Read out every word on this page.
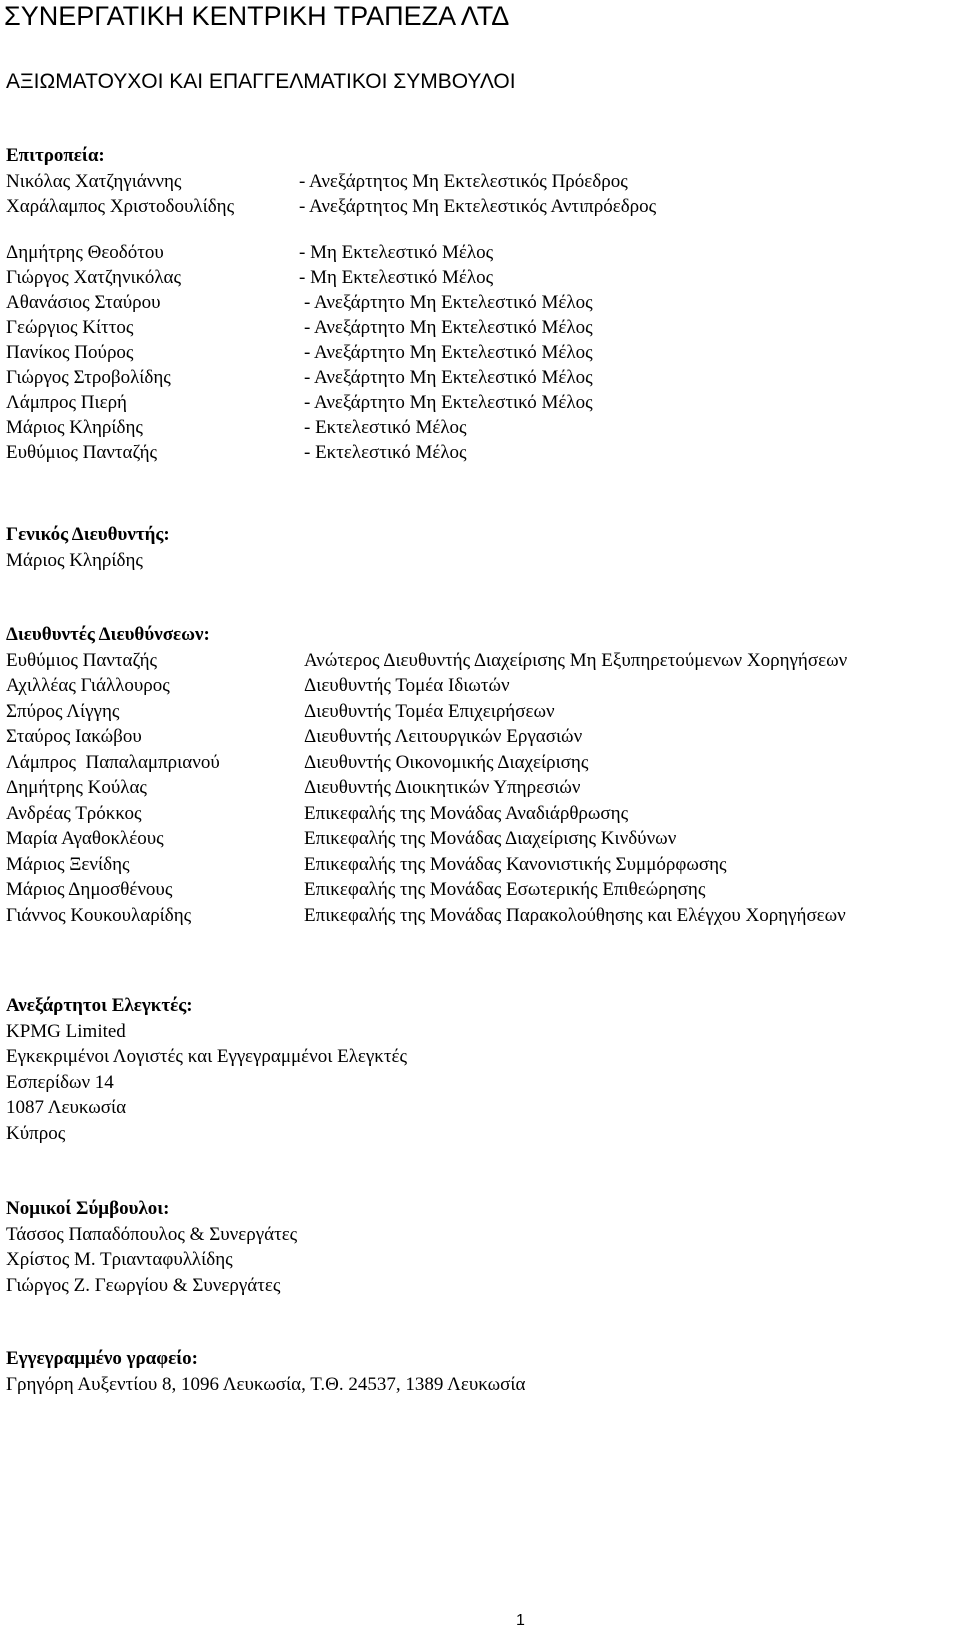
ΣΥΝΕΡΓΑΤΙΚΗ ΚΕΝΤΡΙΚΗ ΤΡΑΠΕΖΑ ΛΤΔ
ΑΞΙΩΜΑΤΟΥΧΟΙ ΚΑΙ ΕΠΑΓΓΕΛΜΑΤΙΚΟΙ ΣΥΜΒΟΥΛΟΙ
Επιτροπεία:
Νικόλας Χατζηγιάννης	- Ανεξάρτητος Μη Εκτελεστικός Πρόεδρος
Χαράλαμπος Χριστοδουλίδης	- Ανεξάρτητος Μη Εκτελεστικός Αντιπρόεδρος
Δημήτρης Θεοδότου	- Μη Εκτελεστικό Μέλος
Γιώργος Χατζηνικόλας	- Μη Εκτελεστικό Μέλος
Αθανάσιος Σταύρου	- Ανεξάρτητο Μη Εκτελεστικό Μέλος
Γεώργιος Κίττος	- Ανεξάρτητο Μη Εκτελεστικό Μέλος
Πανίκος Πούρος	- Ανεξάρτητο Μη Εκτελεστικό Μέλος
Γιώργος Στροβολίδης	- Ανεξάρτητο Μη Εκτελεστικό Μέλος
Λάμπρος Πιερή	- Ανεξάρτητο Μη Εκτελεστικό Μέλος
Μάριος Κληρίδης	- Εκτελεστικό Μέλος
Ευθύμιος Πανταζής	- Εκτελεστικό Μέλος
Γενικός Διευθυντής:
Μάριος Κληρίδης
Διευθυντές Διευθύνσεων:
Ευθύμιος Πανταζής	Ανώτερος Διευθυντής Διαχείρισης Μη Εξυπηρετούμενων Χορηγήσεων
Αχιλλέας Γιάλλουρος	Διευθυντής Τομέα Ιδιωτών
Σπύρος Λίγγης	Διευθυντής Τομέα Επιχειρήσεων
Σταύρος Ιακώβου	Διευθυντής Λειτουργικών Εργασιών
Λάμπρος  Παπαλαμπριανού	Διευθυντής Οικονομικής Διαχείρισης
Δημήτρης Κούλας	Διευθυντής Διοικητικών Υπηρεσιών
Ανδρέας Τρόκκος	Επικεφαλής της Μονάδας Αναδιάρθρωσης
Μαρία Αγαθοκλέους	Επικεφαλής της Μονάδας Διαχείρισης Κινδύνων
Μάριος Ξενίδης	Επικεφαλής της Μονάδας Κανονιστικής Συμμόρφωσης
Μάριος Δημοσθένους	Επικεφαλής της Μονάδας Εσωτερικής Επιθεώρησης
Γιάννος Κουκουλαρίδης	Επικεφαλής της Μονάδας Παρακολούθησης και Ελέγχου Χορηγήσεων
Ανεξάρτητοι Ελεγκτές:
KPMG Limited
Εγκεκριμένοι Λογιστές και Εγγεγραμμένοι Ελεγκτές
Εσπερίδων 14
1087 Λευκωσία
Κύπρος
Νομικοί Σύμβουλοι:
Τάσσος Παπαδόπουλος & Συνεργάτες
Χρίστος Μ. Τριανταφυλλίδης
Γιώργος Ζ. Γεωργίου & Συνεργάτες
Εγγεγραμμένο γραφείο:
Γρηγόρη Αυξεντίου 8, 1096 Λευκωσία, Τ.Θ. 24537, 1389 Λευκωσία
1
